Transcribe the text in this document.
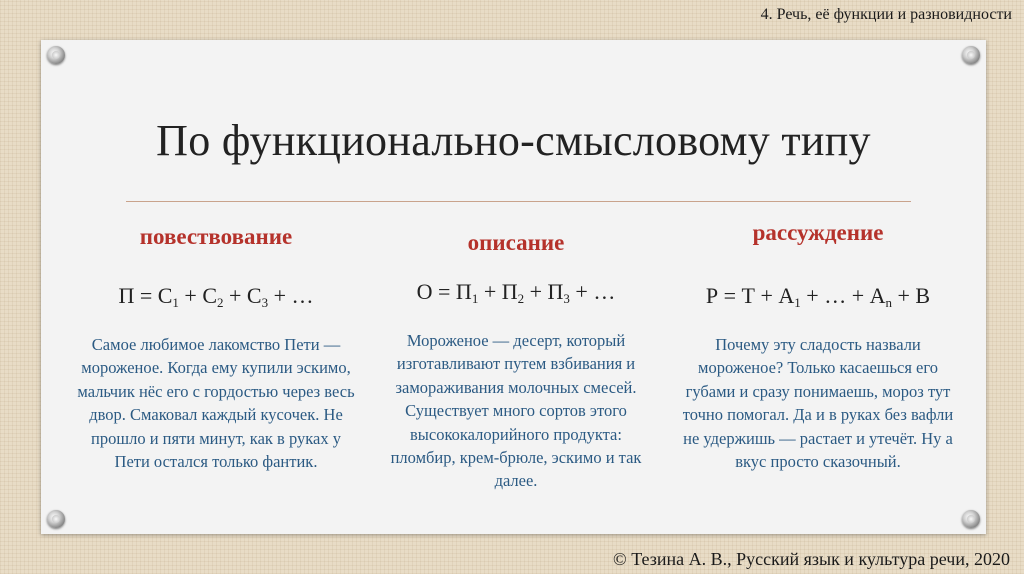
4. Речь, её функции и разновидности
По функционально-смысловому типу
повествование
$П = С_1 + С_2 + С_3$ + …
Самое любимое лакомство Пети — мороженое. Когда ему купили эскимо, мальчик нёс его с гордостью через весь двор. Смаковал каждый кусочек. Не прошло и пяти минут, как в руках у Пети остался только фантик.
описание
$О = П_1 + П_2 + П_3$ + …
Мороженое — десерт, который изготавливают путем взбивания и замораживания молочных смесей. Существует много сортов этого высококалорийного продукта: пломбир, крем-брюле, эскимо и так далее.
рассуждение
$Р = Т + А_1$ + … + $А_n + В$
Почему эту сладость назвали мороженое? Только касаешься его губами и сразу понимаешь, мороз тут точно помогал. Да и в руках без вафли не удержишь — растает и утечёт. Ну а вкус просто сказочный.
© Тезина А. В., Русский язык и культура речи, 2020
